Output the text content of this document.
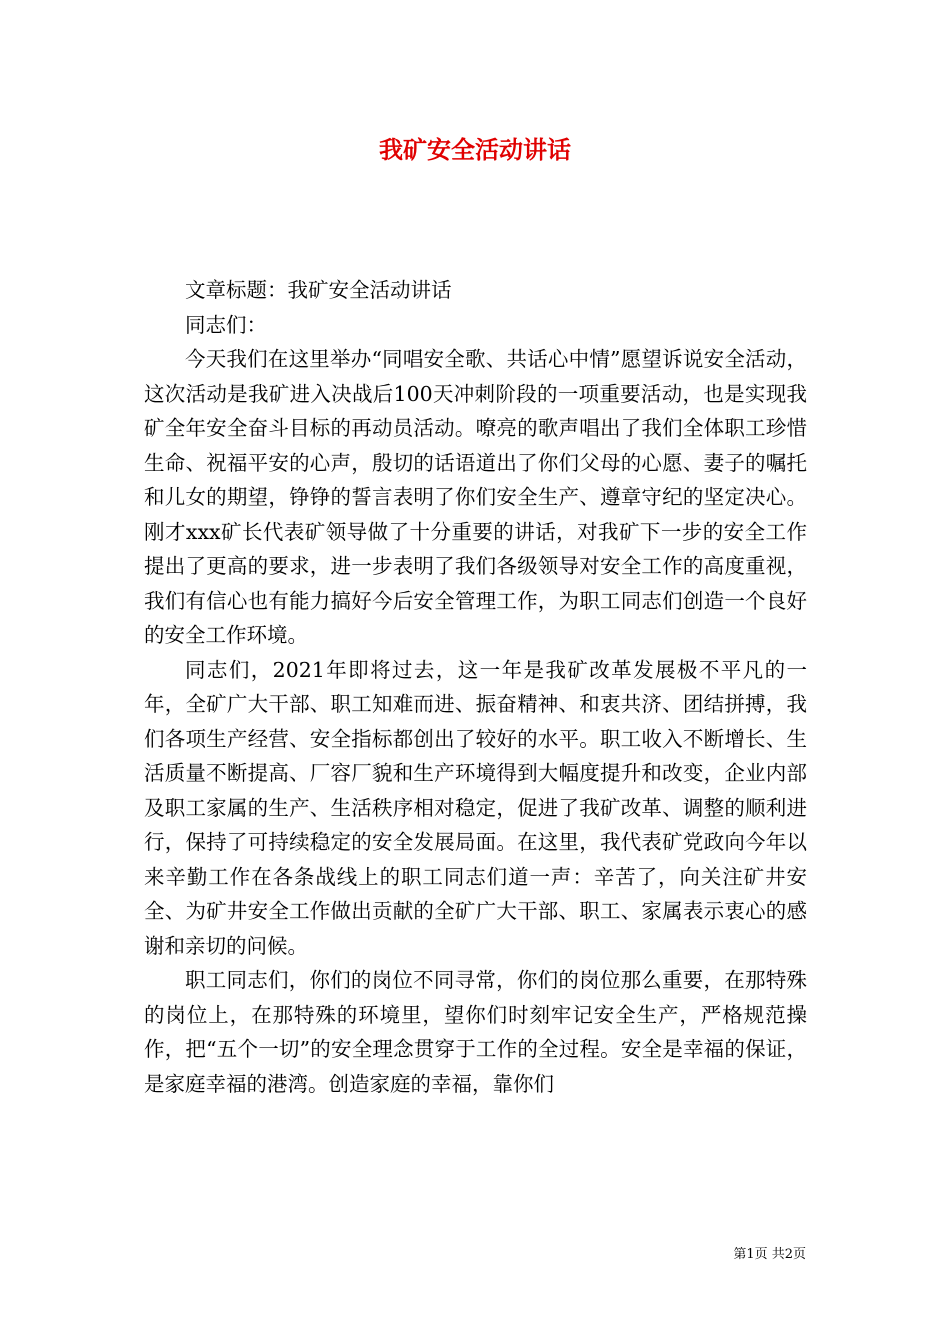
我矿安全活动讲话

文章标题：我矿安全活动讲话

同志们：

今天我们在这里举办“同唱安全歌、共话心中情”愿望诉说安全活动，这次活动是我矿进入决战后100天冲刺阶段的一项重要活动，也是实现我矿全年安全奋斗目标的再动员活动。嘹亮的歌声唱出了我们全体职工珍惜生命、祝福平安的心声，殷切的话语道出了你们父母的心愿、妻子的嘱托和儿女的期望，铮铮的誓言表明了你们安全生产、遵章守纪的坚定决心。刚才xxx矿长代表矿领导做了十分重要的讲话，对我矿下一步的安全工作提出了更高的要求，进一步表明了我们各级领导对安全工作的高度重视，我们有信心也有能力搞好今后安全管理工作，为职工同志们创造一个良好的安全工作环境。

同志们，2021年即将过去，这一年是我矿改革发展极不平凡的一年，全矿广大干部、职工知难而进、振奋精神、和衷共济、团结拼搏，我们各项生产经营、安全指标都创出了较好的水平。职工收入不断增长、生活质量不断提高、厂容厂貌和生产环境得到大幅度提升和改变，企业内部及职工家属的生产、生活秩序相对稳定，促进了我矿改革、调整的顺利进行，保持了可持续稳定的安全发展局面。在这里，我代表矿党政向今年以来辛勤工作在各条战线上的职工同志们道一声：辛苦了，向关注矿井安全、为矿井安全工作做出贡献的全矿广大干部、职工、家属表示衷心的感谢和亲切的问候。

职工同志们，你们的岗位不同寻常，你们的岗位那么重要，在那特殊的岗位上，在那特殊的环境里，望你们时刻牢记安全生产，严格规范操作，把“五个一切”的安全理念贯穿于工作的全过程。安全是幸福的保证，是家庭幸福的港湾。创造家庭的幸福，靠你们

第1页 共2页
